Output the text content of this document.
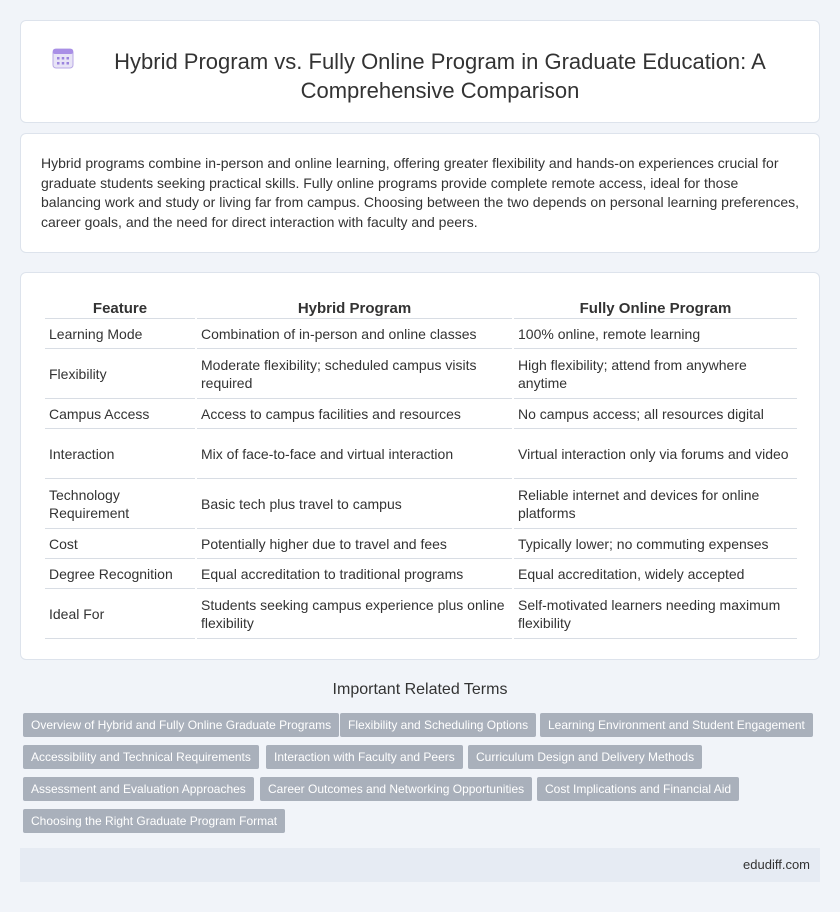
Hybrid Program vs. Fully Online Program in Graduate Education: A Comprehensive Comparison

Hybrid programs combine in-person and online learning, offering greater flexibility and hands-on experiences crucial for graduate students seeking practical skills. Fully online programs provide complete remote access, ideal for those balancing work and study or living far from campus. Choosing between the two depends on personal learning preferences, career goals, and the need for direct interaction with faculty and peers.

Feature	Hybrid Program	Fully Online Program
Learning Mode	Combination of in-person and online classes	100% online, remote learning
Flexibility	Moderate flexibility; scheduled campus visits required	High flexibility; attend from anywhere anytime
Campus Access	Access to campus facilities and resources	No campus access; all resources digital
Interaction	Mix of face-to-face and virtual interaction	Virtual interaction only via forums and video
Technology Requirement	Basic tech plus travel to campus	Reliable internet and devices for online platforms
Cost	Potentially higher due to travel and fees	Typically lower; no commuting expenses
Degree Recognition	Equal accreditation to traditional programs	Equal accreditation, widely accepted
Ideal For	Students seeking campus experience plus online flexibility	Self-motivated learners needing maximum flexibility
Important Related Terms
Overview of Hybrid and Fully Online Graduate Programs	Flexibility and Scheduling Options	Learning Environment and Student Engagement
Accessibility and Technical Requirements	Interaction with Faculty and Peers	Curriculum Design and Delivery Methods
Assessment and Evaluation Approaches	Career Outcomes and Networking Opportunities	Cost Implications and Financial Aid
Choosing the Right Graduate Program Format
edudiff.com
